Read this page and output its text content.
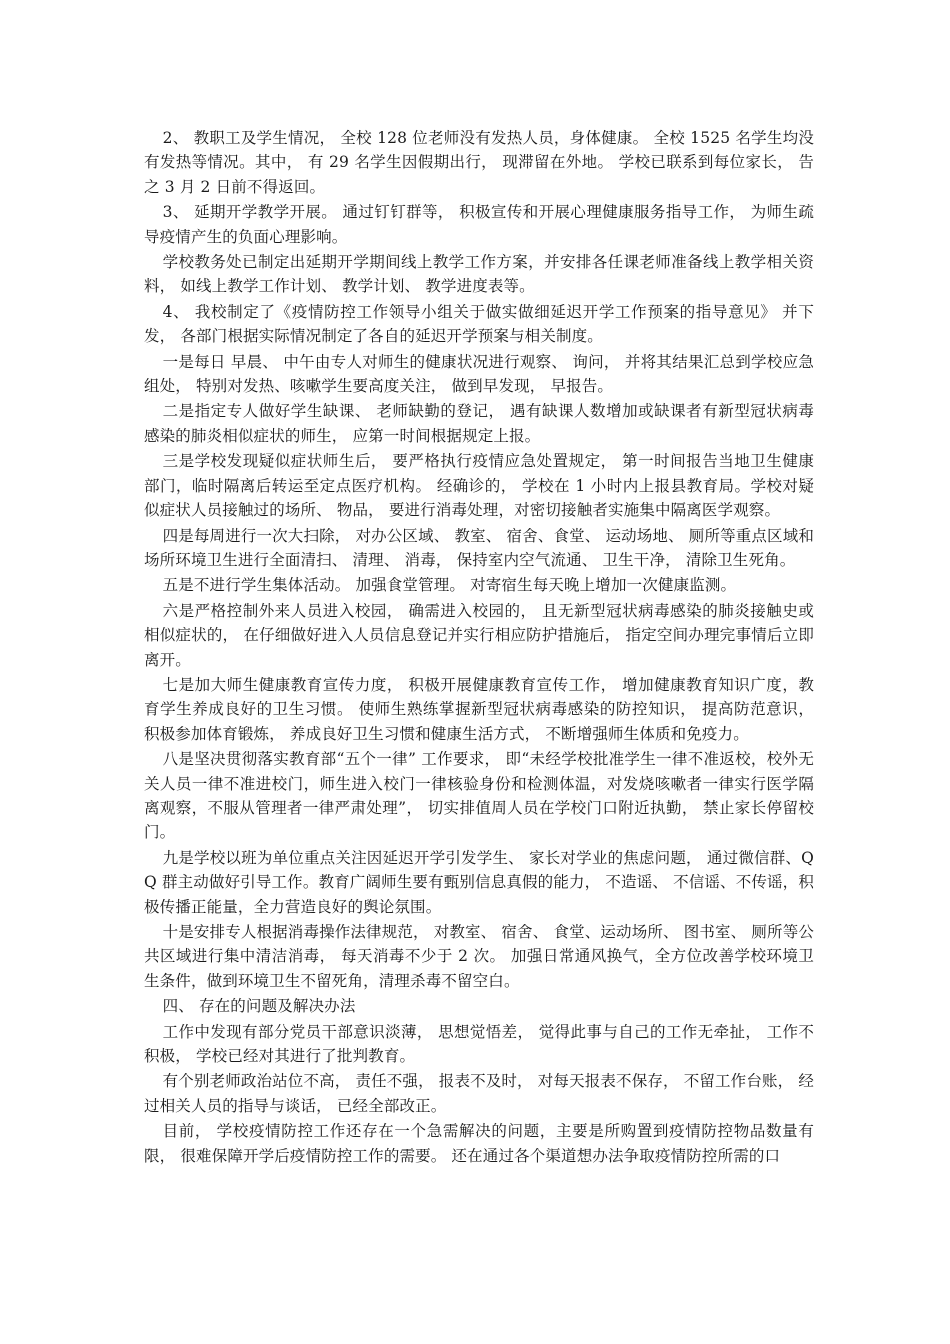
2、 教职工及学生情况， 全校 128 位老师没有发热人员，身体健康。 全校 1525 名学生均没有发热等情况。其中， 有 29 名学生因假期出行， 现滞留在外地。 学校已联系到每位家长， 告之 3 月 2 日前不得返回。

3、 延期开学教学开展。 通过钉钉群等， 积极宣传和开展心理健康服务指导工作， 为师生疏导疫情产生的负面心理影响。

学校教务处已制定出延期开学期间线上教学工作方案，并安排各任课老师准备线上教学相关资料， 如线上教学工作计划、 教学计划、 教学进度表等。

4、 我校制定了《疫情防控工作领导小组关于做实做细延迟开学工作预案的指导意见》 并下发， 各部门根据实际情况制定了各自的延迟开学预案与相关制度。

一是每日 早晨、 中午由专人对师生的健康状况进行观察、 询问， 并将其结果汇总到学校应急组处， 特别对发热、咳嗽学生要高度关注， 做到早发现， 早报告。

二是指定专人做好学生缺课、 老师缺勤的登记， 遇有缺课人数增加或缺课者有新型冠状病毒感染的肺炎相似症状的师生， 应第一时间根据规定上报。

三是学校发现疑似症状师生后， 要严格执行疫情应急处置规定， 第一时间报告当地卫生健康部门，临时隔离后转运至定点医疗机构。 经确诊的， 学校在 1 小时内上报县教育局。学校对疑似症状人员接触过的场所、 物品， 要进行消毒处理，对密切接触者实施集中隔离医学观察。

四是每周进行一次大扫除， 对办公区域、 教室、 宿舍、食堂、 运动场地、 厕所等重点区域和场所环境卫生进行全面清扫、 清理、 消毒， 保持室内空气流通、 卫生干净， 清除卫生死角。

五是不进行学生集体活动。 加强食堂管理。 对寄宿生每天晚上增加一次健康监测。

六是严格控制外来人员进入校园， 确需进入校园的， 且无新型冠状病毒感染的肺炎接触史或相似症状的， 在仔细做好进入人员信息登记并实行相应防护措施后， 指定空间办理完事情后立即离开。

七是加大师生健康教育宣传力度， 积极开展健康教育宣传工作， 增加健康教育知识广度，教育学生养成良好的卫生习惯。 使师生熟练掌握新型冠状病毒感染的防控知识， 提高防范意识， 积极参加体育锻炼， 养成良好卫生习惯和健康生活方式， 不断增强师生体质和免疫力。

八是坚决贯彻落实教育部“五个一律” 工作要求， 即“未经学校批准学生一律不准返校，校外无关人员一律不准进校门，师生进入校门一律核验身份和检测体温，对发烧咳嗽者一律实行医学隔离观察，不服从管理者一律严肃处理”， 切实排值周人员在学校门口附近执勤， 禁止家长停留校门。

九是学校以班为单位重点关注因延迟开学引发学生、 家长对学业的焦虑问题， 通过微信群、QQ 群主动做好引导工作。教育广阔师生要有甄别信息真假的能力， 不造谣、 不信谣、不传谣，积极传播正能量，全力营造良好的舆论氛围。

十是安排专人根据消毒操作法律规范， 对教室、 宿舍、 食堂、运动场所、 图书室、 厕所等公共区域进行集中清洁消毒， 每天消毒不少于 2 次。 加强日常通风换气，全方位改善学校环境卫生条件，做到环境卫生不留死角，清理杀毒不留空白。

四、 存在的问题及解决办法

工作中发现有部分党员干部意识淡薄， 思想觉悟差， 觉得此事与自己的工作无牵扯， 工作不积极， 学校已经对其进行了批判教育。

有个别老师政治站位不高， 责任不强， 报表不及时， 对每天报表不保存， 不留工作台账， 经过相关人员的指导与谈话， 已经全部改正。

目前， 学校疫情防控工作还存在一个急需解决的问题，主要是所购置到疫情防控物品数量有限， 很难保障开学后疫情防控工作的需要。 还在通过各个渠道想办法争取疫情防控所需的口
